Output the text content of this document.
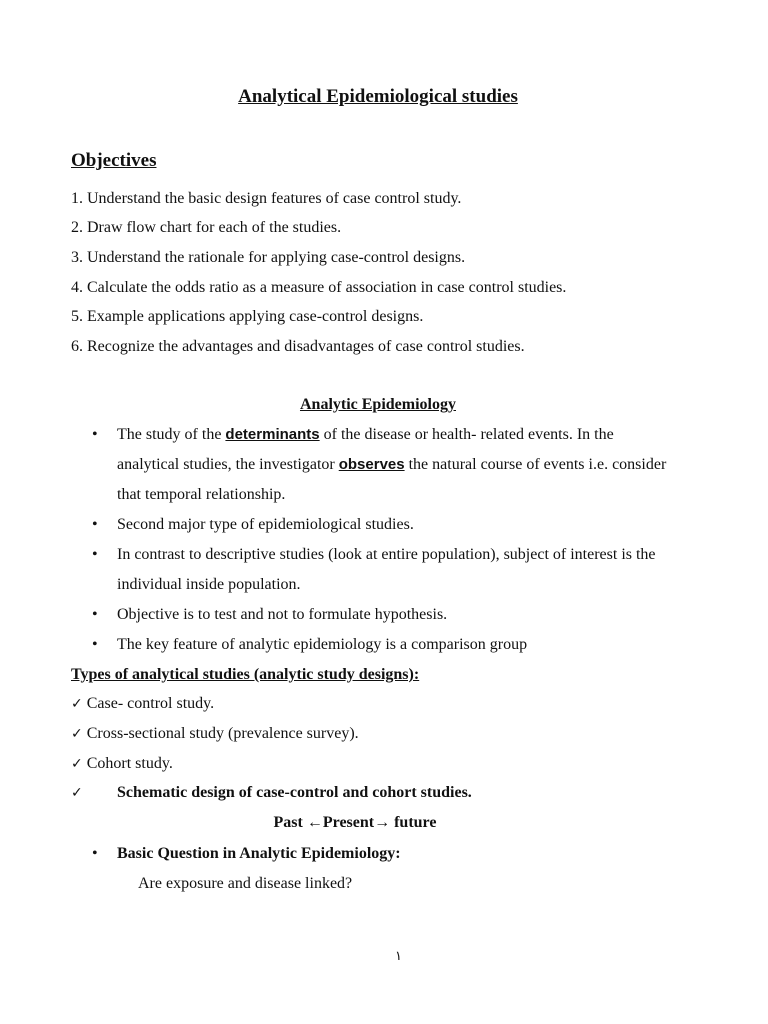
Analytical Epidemiological studies
Objectives
1. Understand the basic design features of case control study.
2. Draw flow chart for each of the studies.
3. Understand the rationale for applying case-control designs.
4. Calculate the odds ratio as a measure of association in case control studies.
5. Example applications applying case-control designs.
6. Recognize the advantages and disadvantages of case control studies.
Analytic Epidemiology
• The study of the determinants of the disease or health- related events. In the
analytical studies, the investigator observes the natural course of events i.e. consider
that temporal relationship.
• Second major type of epidemiological studies.
• In contrast to descriptive studies (look at entire population), subject of interest is the
individual inside population.
• Objective is to test and not to formulate hypothesis.
• The key feature of analytic epidemiology is a comparison group
Types of analytical studies (analytic study designs):
✓ Case- control study.
✓ Cross-sectional study (prevalence survey).
✓ Cohort study.
✓ Schematic design of case-control and cohort studies.
Past ←Present→ future
• Basic Question in Analytic Epidemiology:
Are exposure and disease linked?
١
